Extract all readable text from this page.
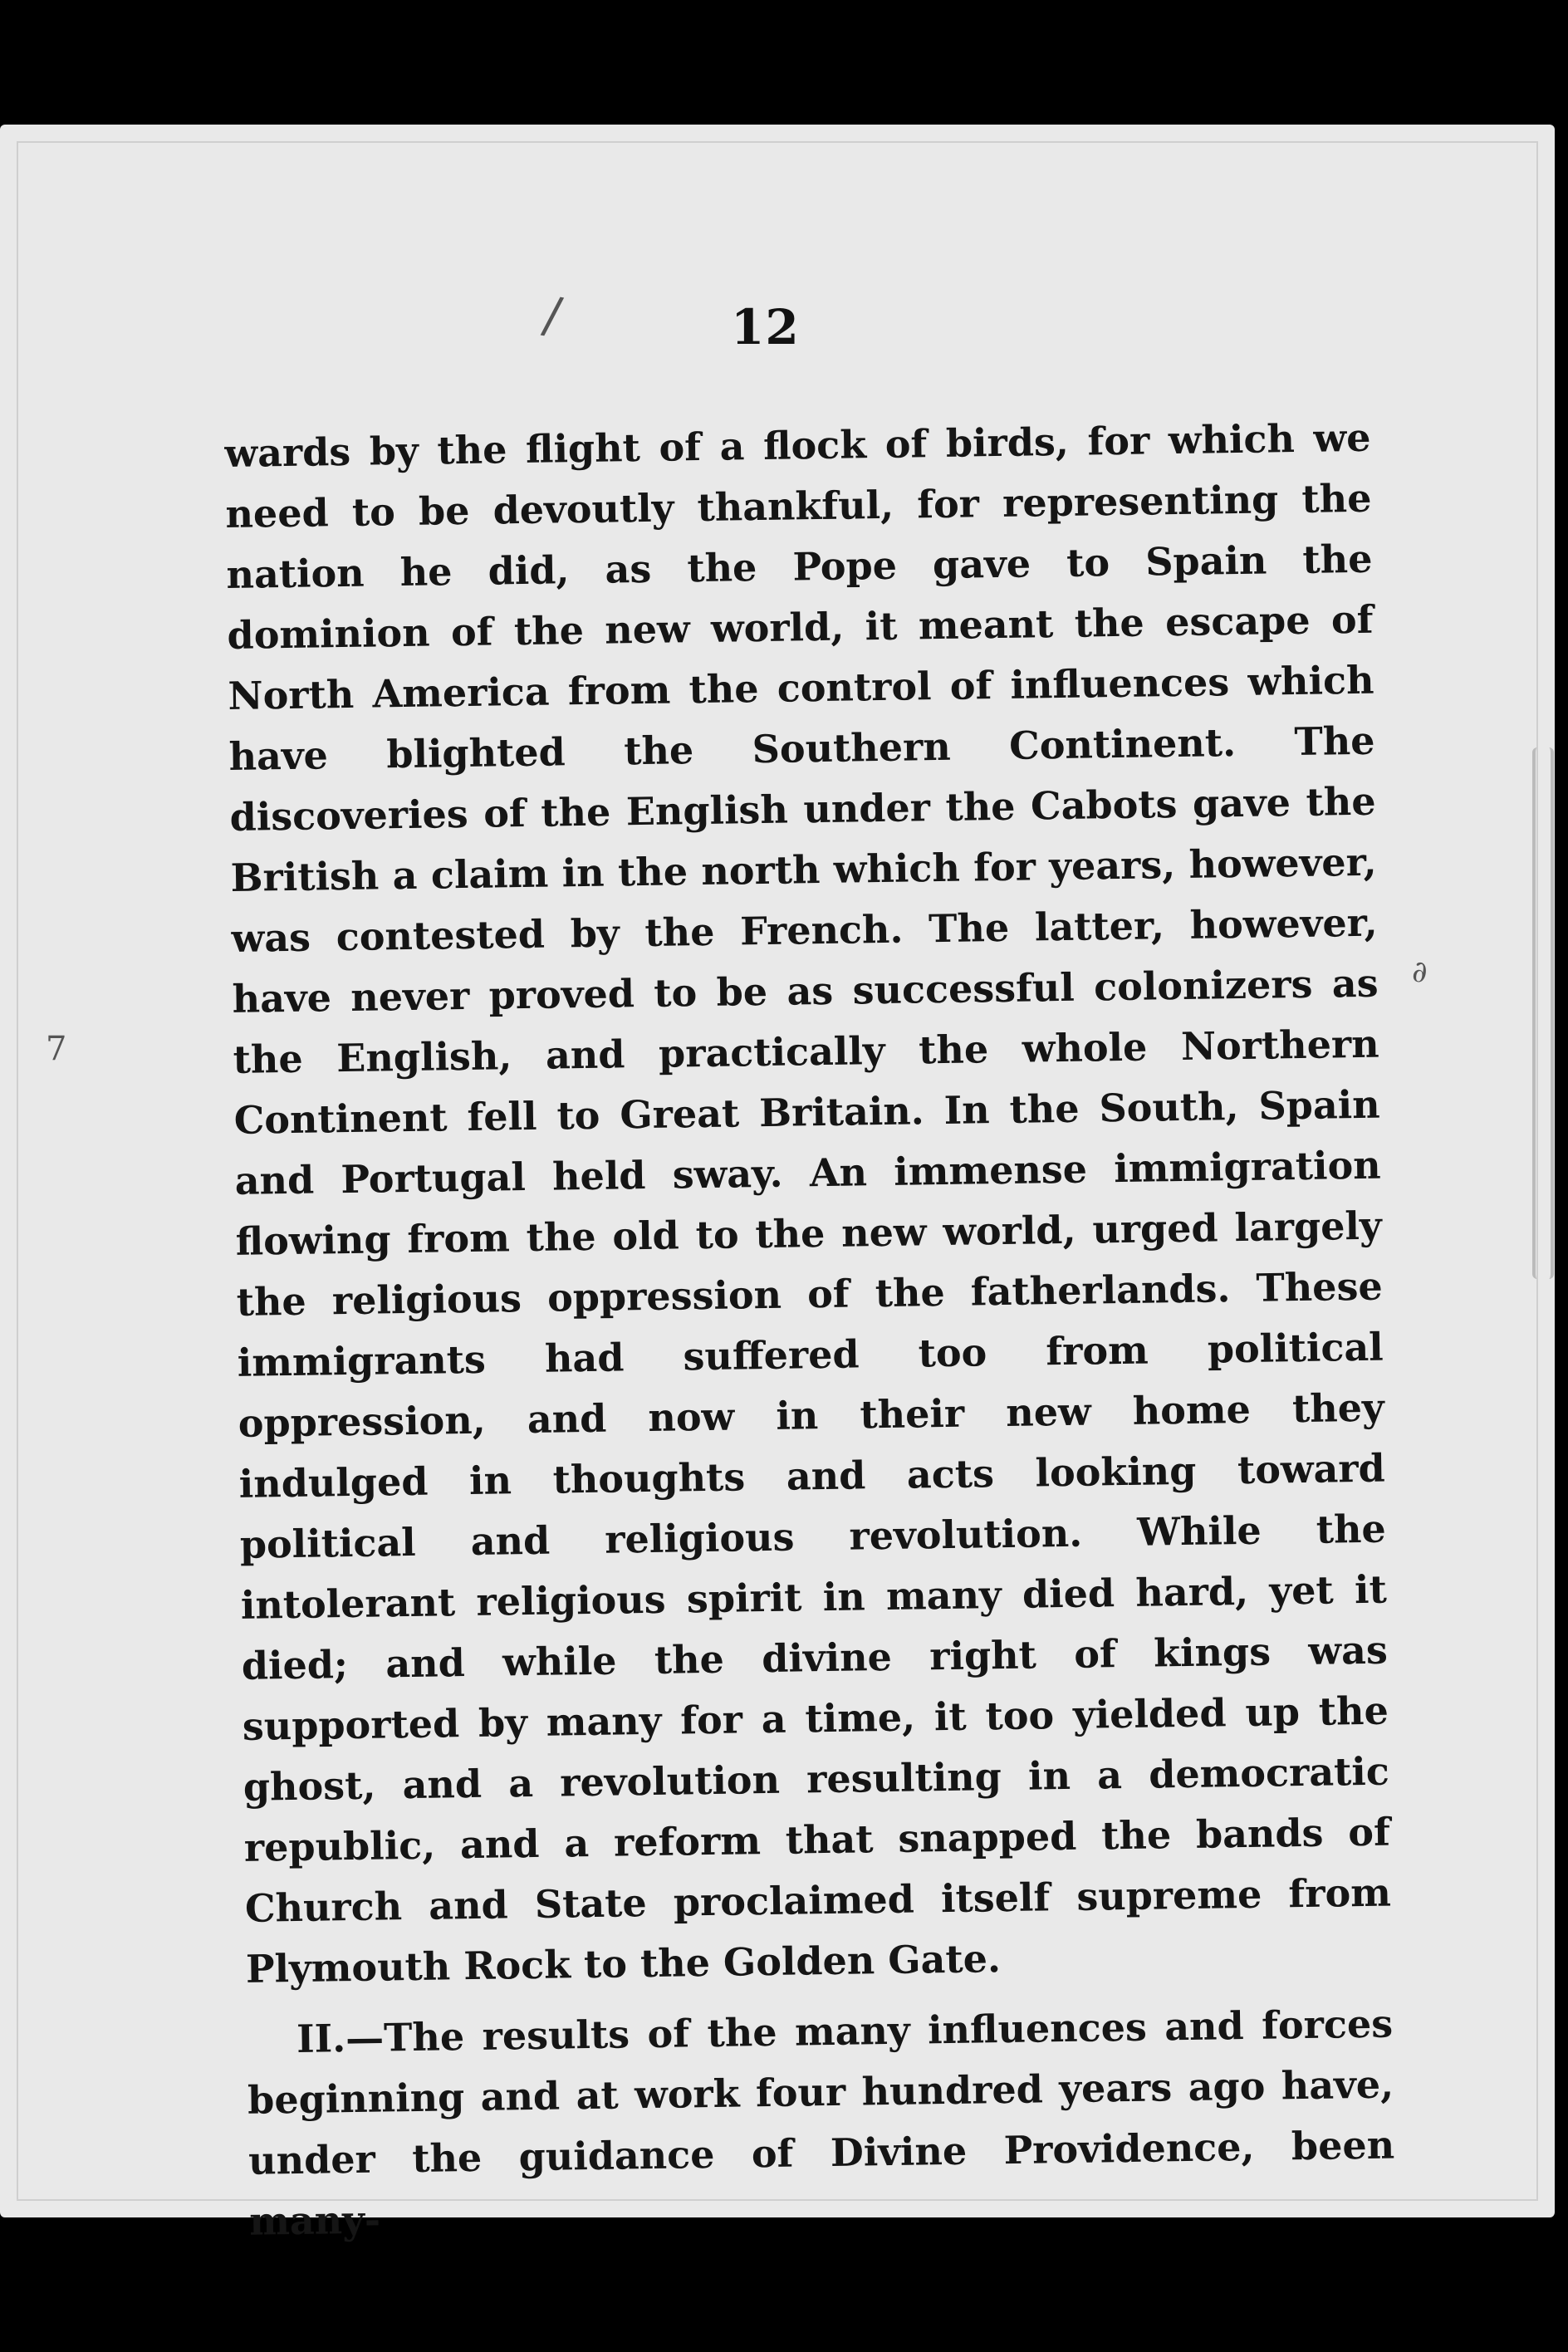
/
7
∂
12

wards by the flight of a flock of birds, for which we need to be devoutly thankful, for representing the nation he did, as the Pope gave to Spain the dominion of the new world, it meant the escape of North America from the control of influences which have blighted the Southern Continent. The discoveries of the English under the Cabots gave the British a claim in the north which for years, however, was contested by the French. The latter, however, have never proved to be as successful colonizers as the English, and practically the whole Northern Continent fell to Great Britain. In the South, Spain and Portugal held sway. An immense immigration flowing from the old to the new world, urged largely the religious oppression of the fatherlands. These immigrants had suffered too from political oppression, and now in their new home they indulged in thoughts and acts looking toward political and religious revolution. While the intolerant religious spirit in many died hard, yet it died; and while the divine right of kings was supported by many for a time, it too yielded up the ghost, and a revolution resulting in a democratic republic, and a reform that snapped the bands of Church and State proclaimed itself supreme from Plymouth Rock to the Golden Gate.

II.—The results of the many influences and forces beginning and at work four hundred years ago have, under the guidance of Divine Providence, been many-
